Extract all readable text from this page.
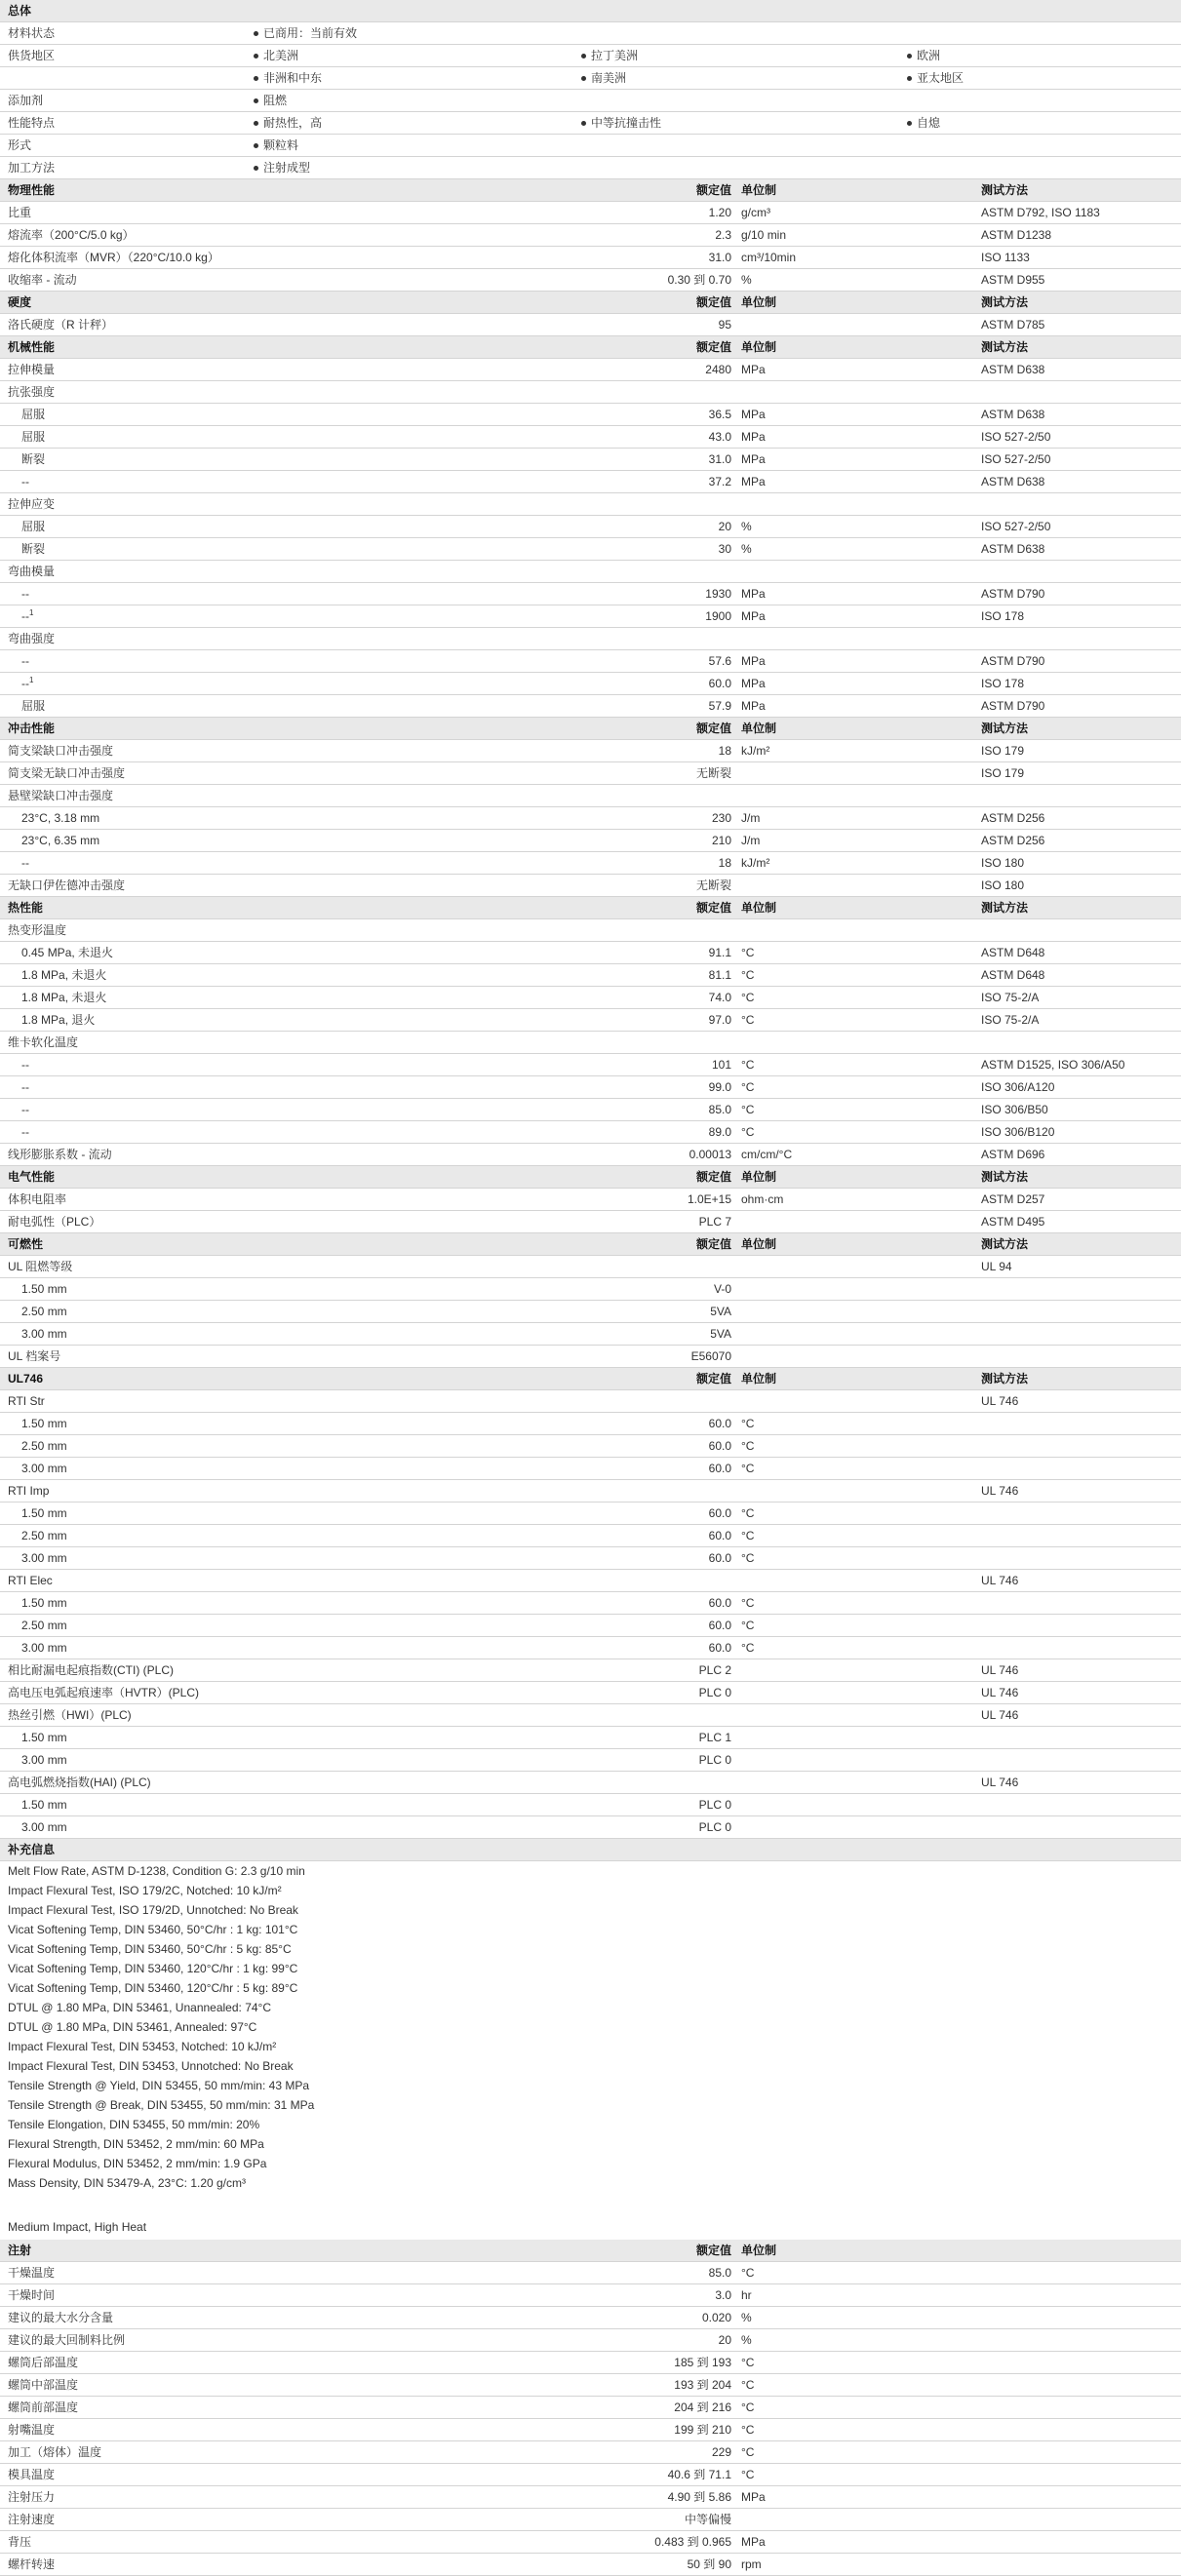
总体
材料状态	已商用：当前有效
供货地区	北美洲	拉丁美洲	欧洲
非洲和中东	南美洲	亚太地区
添加剂	阻燃
性能特点	耐热性，高	中等抗撞击性	自熄
形式	颗粒料
加工方法	注射成型
物理性能	额定值 单位制	测试方法
比重	1.20 g/cm³	ASTM D792, ISO 1183
熔流率（200°C/5.0 kg）	2.3 g/10 min	ASTM D1238
熔化体积流率（MVR）（220°C/10.0 kg）	31.0 cm³/10min	ISO 1133
收缩率 - 流动	0.30 到 0.70 %	ASTM D955
硬度	额定值 单位制	测试方法
洛氏硬度（R 计秤）	95	ASTM D785
机械性能	额定值 单位制	测试方法
拉伸模量	2480 MPa	ASTM D638
抗张强度
屈服	36.5 MPa	ASTM D638
屈服	43.0 MPa	ISO 527-2/50
断裂	31.0 MPa	ISO 527-2/50
--	37.2 MPa	ASTM D638
拉伸应变
屈服	20 %	ISO 527-2/50
断裂	30 %	ASTM D638
弯曲模量
--	1930 MPa	ASTM D790
--$^1$	1900 MPa	ISO 178
弯曲强度
--	57.6 MPa	ASTM D790
--$^1$	60.0 MPa	ISO 178
屈服	57.9 MPa	ASTM D790
冲击性能	额定值 单位制	测试方法
简支梁缺口冲击强度	18 kJ/m²	ISO 179
简支梁无缺口冲击强度	无断裂	ISO 179
悬壁梁缺口冲击强度
23°C, 3.18 mm	230 J/m	ASTM D256
23°C, 6.35 mm	210 J/m	ASTM D256
--	18 kJ/m²	ISO 180
无缺口伊佐德冲击强度	无断裂	ISO 180
热性能	额定值 单位制	测试方法
热变形温度
0.45 MPa, 未退火	91.1 °C	ASTM D648
1.8 MPa, 未退火	81.1 °C	ASTM D648
1.8 MPa, 未退火	74.0 °C	ISO 75-2/A
1.8 MPa, 退火	97.0 °C	ISO 75-2/A
维卡软化温度
--	101 °C	ASTM D1525, ISO 306/A50
--	99.0 °C	ISO 306/A120
--	85.0 °C	ISO 306/B50
--	89.0 °C	ISO 306/B120
线形膨胀系数 - 流动	0.00013 cm/cm/°C	ASTM D696
电气性能	额定值 单位制	测试方法
体积电阻率	1.0E+15 ohm·cm	ASTM D257
耐电弧性（PLC）	PLC 7	ASTM D495
可燃性	额定值 单位制	测试方法
UL 阻燃等级	UL 94
1.50 mm	V-0
2.50 mm	5VA
3.00 mm	5VA
UL 档案号	E56070
UL746	额定值 单位制	测试方法
RTI Str	UL 746
1.50 mm	60.0 °C
2.50 mm	60.0 °C
3.00 mm	60.0 °C
RTI Imp	UL 746
1.50 mm	60.0 °C
2.50 mm	60.0 °C
3.00 mm	60.0 °C
RTI Elec	UL 746
1.50 mm	60.0 °C
2.50 mm	60.0 °C
3.00 mm	60.0 °C
相比耐漏电起痕指数(CTI) (PLC)	PLC 2	UL 746
高电压电弧起痕速率（HVTR）(PLC)	PLC 0	UL 746
热丝引燃（HWI）(PLC)	UL 746
1.50 mm	PLC 1
3.00 mm	PLC 0
高电弧燃烧指数(HAI) (PLC)	UL 746
1.50 mm	PLC 0
3.00 mm	PLC 0
补充信息
Melt Flow Rate, ASTM D-1238, Condition G: 2.3 g/10 min
Impact Flexural Test, ISO 179/2C, Notched: 10 kJ/m²
Impact Flexural Test, ISO 179/2D, Unnotched: No Break
Vicat Softening Temp, DIN 53460, 50°C/hr : 1 kg: 101°C
Vicat Softening Temp, DIN 53460, 50°C/hr : 5 kg: 85°C
Vicat Softening Temp, DIN 53460, 120°C/hr : 1 kg: 99°C
Vicat Softening Temp, DIN 53460, 120°C/hr : 5 kg: 89°C
DTUL @ 1.80 MPa, DIN 53461, Unannealed: 74°C
DTUL @ 1.80 MPa, DIN 53461, Annealed: 97°C
Impact Flexural Test, DIN 53453, Notched: 10 kJ/m²
Impact Flexural Test, DIN 53453, Unnotched: No Break
Tensile Strength @ Yield, DIN 53455, 50 mm/min: 43 MPa
Tensile Strength @ Break, DIN 53455, 50 mm/min: 31 MPa
Tensile Elongation, DIN 53455, 50 mm/min: 20%
Flexural Strength, DIN 53452, 2 mm/min: 60 MPa
Flexural Modulus, DIN 53452, 2 mm/min: 1.9 GPa
Mass Density, DIN 53479-A, 23°C: 1.20 g/cm³
Medium Impact, High Heat
注射	额定值 单位制
干燥温度	85.0 °C
干燥时间	3.0 hr
建议的最大水分含量	0.020 %
建议的最大回制料比例	20 %
螺筒后部温度	185 到 193 °C
螺筒中部温度	193 到 204 °C
螺筒前部温度	204 到 216 °C
射嘴温度	199 到 210 °C
加工（熔体）温度	229 °C
模具温度	40.6 到 71.1 °C
注射压力	4.90 到 5.86 MPa
注射速度	中等偏慢
背压	0.483 到 0.965 MPa
螺杆转速	50 到 90 rpm
